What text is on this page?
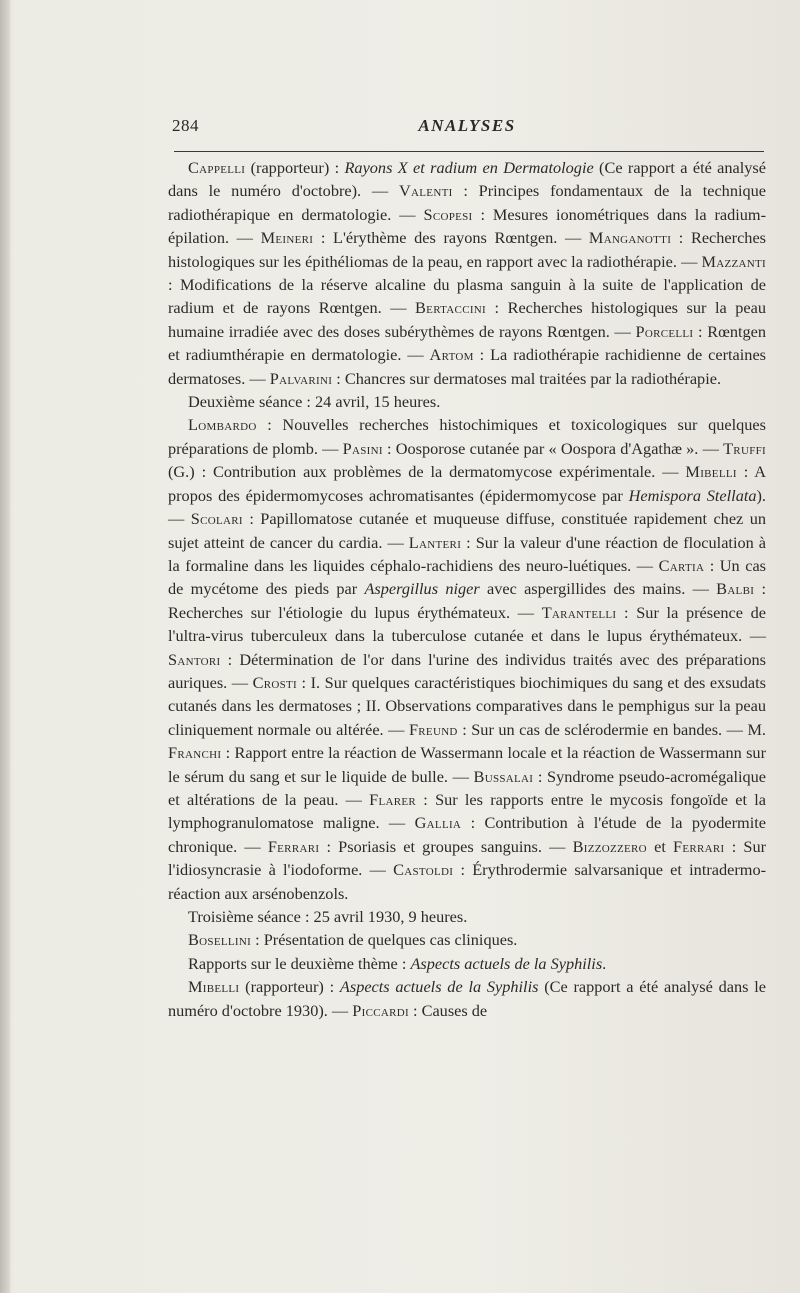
284	ANALYSES

Cappelli (rapporteur) : Rayons X et radium en Dermatologie (Ce rapport a été analysé dans le numéro d'octobre). — Valenti : Principes fondamentaux de la technique radiothérapique en dermatologie. — Scopesi : Mesures ionométriques dans la radium-épilation. — Meineri : L'érythème des rayons Rœntgen. — Manganotti : Recherches histologiques sur les épithéliomas de la peau, en rapport avec la radiothérapie. — Mazzanti : Modifications de la réserve alcaline du plasma sanguin à la suite de l'application de radium et de rayons Rœntgen. — Bertaccini : Recherches histologiques sur la peau humaine irradiée avec des doses subérythèmes de rayons Rœntgen. — Porcelli : Rœntgen et radiumthérapie en dermatologie. — Artom : La radiothérapie rachidienne de certaines dermatoses. — Palvarini : Chancres sur dermatoses mal traitées par la radiothérapie.

Deuxième séance : 24 avril, 15 heures.

Lombardo : Nouvelles recherches histochimiques et toxicologiques sur quelques préparations de plomb. — Pasini : Oosporose cutanée par « Oospora d'Agathæ ». — Truffi (G.) : Contribution aux problèmes de la dermatomycose expérimentale. — Mibelli : A propos des épidermomycoses achromatisantes (épidermomycose par Hemispora Stellata). — Scolari : Papillomatose cutanée et muqueuse diffuse, constituée rapidement chez un sujet atteint de cancer du cardia. — Lanteri : Sur la valeur d'une réaction de floculation à la formaline dans les liquides céphalo-rachidiens des neuro-luétiques. — Cartia : Un cas de mycétome des pieds par Aspergillus niger avec aspergillides des mains. — Balbi : Recherches sur l'étiologie du lupus érythémateux. — Tarantelli : Sur la présence de l'ultra-virus tuberculeux dans la tuberculose cutanée et dans le lupus érythémateux. — Santori : Détermination de l'or dans l'urine des individus traités avec des préparations auriques. — Crosti : I. Sur quelques caractéristiques biochimiques du sang et des exsudats cutanés dans les dermatoses ; II. Observations comparatives dans le pemphigus sur la peau cliniquement normale ou altérée. — Freund : Sur un cas de sclérodermie en bandes. — M. Franchi : Rapport entre la réaction de Wassermann locale et la réaction de Wassermann sur le sérum du sang et sur le liquide de bulle. — Bussalai : Syndrome pseudo-acromégalique et altérations de la peau. — Flarer : Sur les rapports entre le mycosis fongoïde et la lymphogranulomatose maligne. — Gallia : Contribution à l'étude de la pyodermite chronique. — Ferrari : Psoriasis et groupes sanguins. — Bizzozzero et Ferrari : Sur l'idiosyncrasie à l'iodoforme. — Castoldi : Érythrodermie salvarsanique et intradermo-réaction aux arsénobenzols.

Troisième séance : 25 avril 1930, 9 heures.

Bosellini : Présentation de quelques cas cliniques.

Rapports sur le deuxième thème : Aspects actuels de la Syphilis.

Mibelli (rapporteur) : Aspects actuels de la Syphilis (Ce rapport a été analysé dans le numéro d'octobre 1930). — Piccardi : Causes de
